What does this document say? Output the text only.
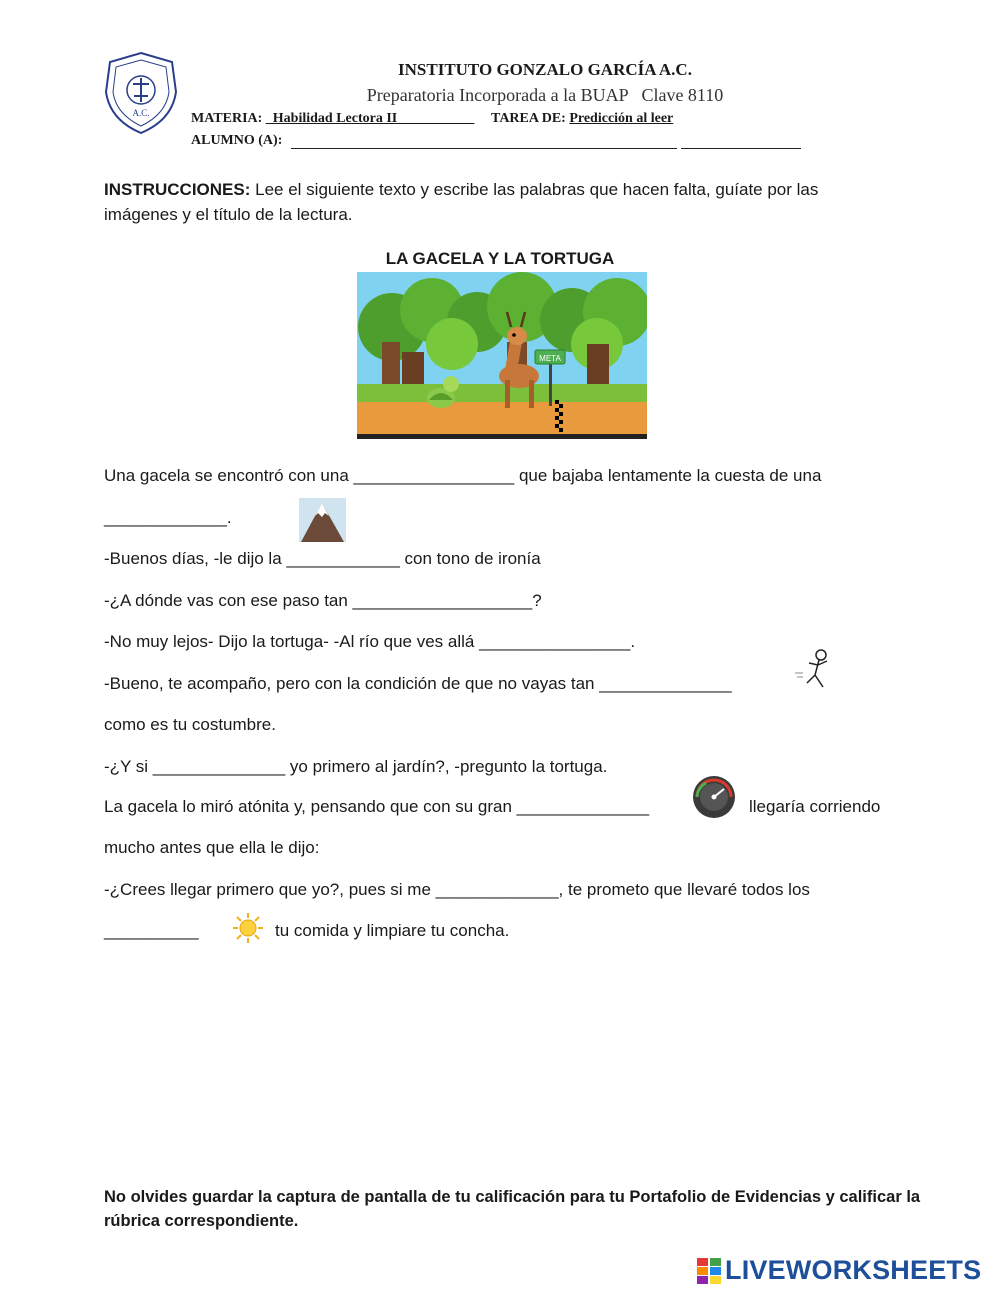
A.C.
INSTITUTO GONZALO GARCÍA A.C.
Preparatoria Incorporada a la BUAP   Clave 8110
MATERIA: _Habilidad Lectora II___________ TAREA DE: Predicción al leer
ALUMNO (A):
INSTRUCCIONES: Lee el siguiente texto y escribe las palabras que hacen falta, guíate por las imágenes y el título de la lectura.
LA GACELA Y LA TORTUGA
META
Una gacela se encontró con una _________________ que bajaba lentamente la cuesta de una
_____________.
-Buenos días, -le dijo la ____________ con tono de ironía
-¿A dónde vas con ese paso tan ___________________?
-No muy lejos- Dijo la tortuga- -Al río que ves allá ________________.
-Bueno, te acompaño, pero con la condición de que no vayas tan ______________
como es tu costumbre.
-¿Y si ______________ yo primero al jardín?, -pregunto la tortuga.
La gacela lo miró atónita y, pensando que con su gran ______________	llegaría corriendo
mucho antes que ella le dijo:
-¿Crees llegar primero que yo?, pues si me _____________, te prometo que llevaré todos los
__________	tu comida y limpiare tu concha.
No olvides guardar la captura de pantalla de tu calificación para tu Portafolio de Evidencias y calificar la rúbrica correspondiente.
LIVEWORKSHEETS
